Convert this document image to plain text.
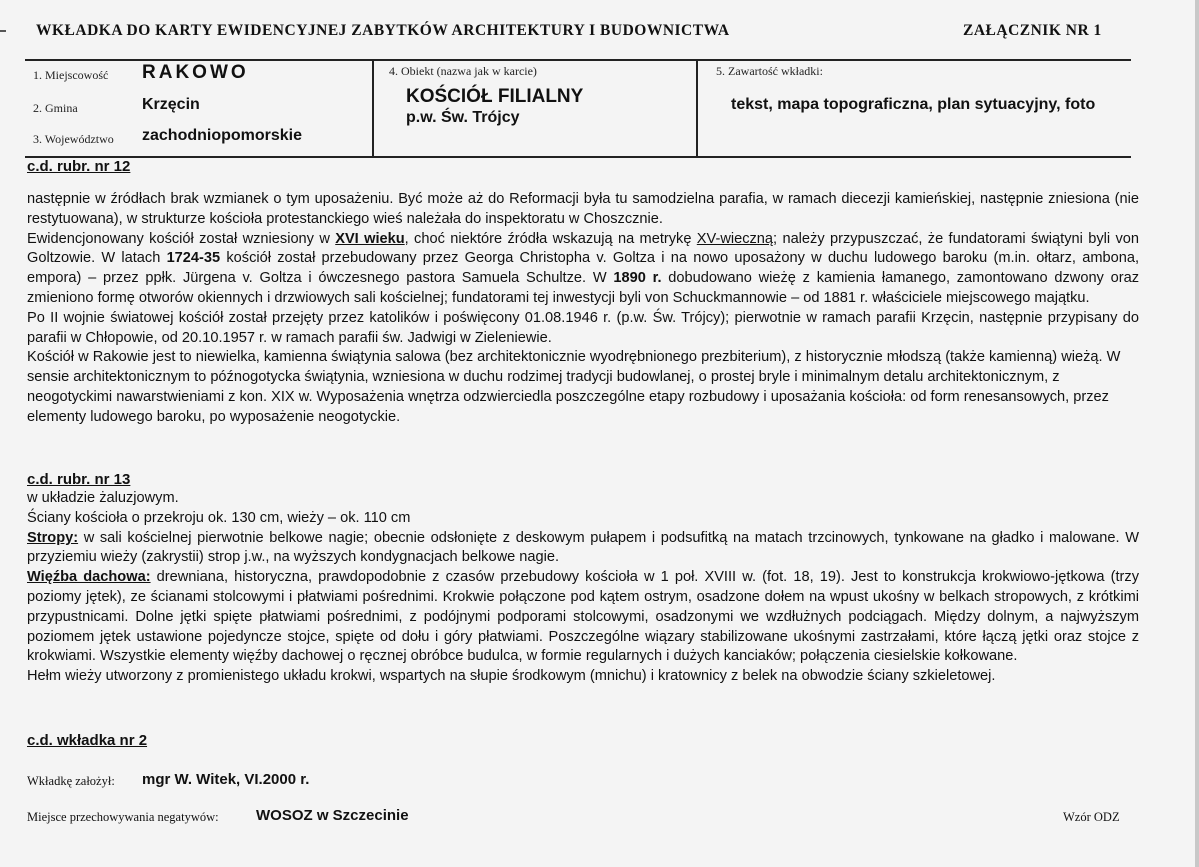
WKŁADKA DO KARTY EWIDENCYJNEJ ZABYTKÓW ARCHITEKTURY I BUDOWNICTWA	ZAŁĄCZNIK NR 1
1. Miejscowość RAKOWO
2. Gmina	Krzęcin
3. Województwo zachodniopomorskie
4. Obiekt (nazwa jak w karcie)
KOŚCIÓŁ FILIALNY
p.w. Św. Trójcy
5. Zawartość wkładki:
tekst, mapa topograficzna, plan sytuacyjny, foto
c.d. rubr. nr 12

następnie w źródłach brak wzmianek o tym uposażeniu. Być może aż do Reformacji była tu samodzielna parafia, w ramach diecezji kamieńskiej, następnie zniesiona (nie restytuowana), w strukturze kościoła protestanckiego wieś należała do inspektoratu w Choszcznie.

Ewidencjonowany kościół został wzniesiony w XVI wieku, choć niektóre źródła wskazują na metrykę XV-wieczną; należy przypuszczać, że fundatorami świątyni byli von Goltzowie. W latach 1724-35 kościół został przebudowany przez Georga Christopha v. Goltza i na nowo uposażony w duchu ludowego baroku (m.in. ołtarz, ambona, empora) – przez ppłk. Jürgena v. Goltza i ówczesnego pastora Samuela Schultze. W 1890 r. dobudowano wieżę z kamienia łamanego, zamontowano dzwony oraz zmieniono formę otworów okiennych i drzwiowych sali kościelnej; fundatorami tej inwestycji byli von Schuckmannowie – od 1881 r. właściciele miejscowego majątku.

Po II wojnie światowej kościół został przejęty przez katolików i poświęcony 01.08.1946 r. (p.w. Św. Trójcy); pierwotnie w ramach parafii Krzęcin, następnie przypisany do parafii w Chłopowie, od 20.10.1957 r. w ramach parafii św. Jadwigi w Zieleniewie.

Kościół w Rakowie jest to niewielka, kamienna świątynia salowa (bez architektonicznie wyodrębnionego prezbiterium), z historycznie młodszą (także kamienną) wieżą. W sensie architektonicznym to późnogotycka świątynia, wzniesiona w duchu rodzimej tradycji budowlanej, o prostej bryle i minimalnym detalu architektonicznym, z neogotyckimi nawarstwieniami z kon. XIX w. Wyposażenia wnętrza odzwierciedla poszczególne etapy rozbudowy i uposażania kościoła: od form renesansowych, przez elementy ludowego baroku, po wyposażenie neogotyckie.

c.d. rubr. nr 13

w układzie żaluzjowym.

Ściany kościoła o przekroju ok. 130 cm, wieży – ok. 110 cm

Stropy: w sali kościelnej pierwotnie belkowe nagie; obecnie odsłonięte z deskowym pułapem i podsufitką na matach trzcinowych, tynkowane na gładko i malowane. W przyziemiu wieży (zakrystii) strop j.w., na wyższych kondygnacjach belkowe nagie.

Więźba dachowa: drewniana, historyczna, prawdopodobnie z czasów przebudowy kościoła w 1 poł. XVIII w. (fot. 18, 19). Jest to konstrukcja krokwiowo-jętkowa (trzy poziomy jętek), ze ścianami stolcowymi i płatwiami pośrednimi. Krokwie połączone pod kątem ostrym, osadzone dołem na wpust ukośny w belkach stropowych, z krótkimi przypustnicami. Dolne jętki spięte płatwiami pośrednimi, z podójnymi podporami stolcowymi, osadzonymi we wzdłużnych podciągach. Między dolnym, a najwyższym poziomem jętek ustawione pojedyncze stojce, spięte od dołu i góry płatwiami. Poszczególne wiązary stabilizowane ukośnymi zastrzałami, które łączą jętki oraz stojce z krokwiami. Wszystkie elementy więźby dachowej o ręcznej obróbce budulca, w formie regularnych i dużych kanciaków; połączenia ciesielskie kołkowane.

Hełm wieży utworzony z promienistego układu krokwi, wspartych na słupie środkowym (mnichu) i kratownicy z belek na obwodzie ściany szkieletowej.

c.d. wkładka nr 2
Wkładkę założył: mgr W. Witek, VI.2000 r.
Miejsce przechowywania negatywów: WOSOZ w Szczecinie	Wzór ODZ
